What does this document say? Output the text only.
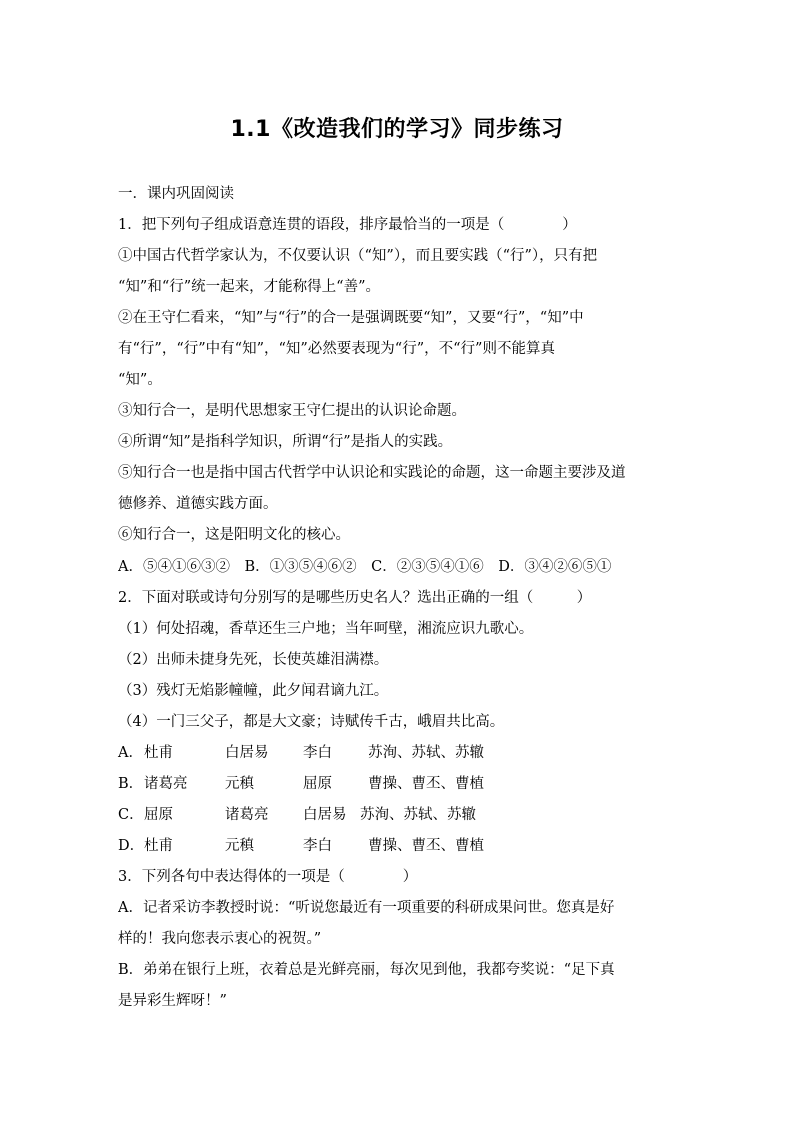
1.1《改造我们的学习》同步练习
一．课内巩固阅读
1．把下列句子组成语意连贯的语段，排序最恰当的一项是（　　　　）
①中国古代哲学家认为，不仅要认识（“知”），而且要实践（“行”），只有把
“知”和“行”统一起来，才能称得上“善”。
②在王守仁看来，“知”与“行”的合一是强调既要“知”，又要“行”，“知”中
有“行”，“行”中有“知”，“知”必然要表现为“行”，不“行”则不能算真
“知”。
③知行合一，是明代思想家王守仁提出的认识论命题。
④所谓“知”是指科学知识，所谓“行”是指人的实践。
⑤知行合一也是指中国古代哲学中认识论和实践论的命题，这一命题主要涉及道
德修养、道德实践方面。
⑥知行合一，这是阳明文化的核心。
A．⑤④①⑥③②　B．①③⑤④⑥②　C．②③⑤④①⑥　D．③④②⑥⑤①
2．下面对联或诗句分别写的是哪些历史名人？选出正确的一组（　　　）
（1）何处招魂，香草还生三户地；当年呵壁，湘流应识九歌心。
（2）出师未捷身先死，长使英雄泪满襟。
（3）残灯无焰影幢幢，此夕闻君谪九江。
（4）一门三父子，都是大文豪；诗赋传千古，峨眉共比高。
A． 杜甫	白居易 李白 苏洵、苏轼、苏辙
B． 诸葛亮	元稹	屈原 曹操、曹丕、曹植
C． 屈原	诸葛亮 白居易 苏洵、苏轼、苏辙
D． 杜甫	元稹	李白 曹操、曹丕、曹植
3．下列各句中表达得体的一项是（　　　　）
A．记者采访李教授时说：“听说您最近有一项重要的科研成果问世。您真是好
样的！我向您表示衷心的祝贺。”
B．弟弟在银行上班，衣着总是光鲜亮丽，每次见到他，我都夸奖说：“足下真
是异彩生辉呀！”
